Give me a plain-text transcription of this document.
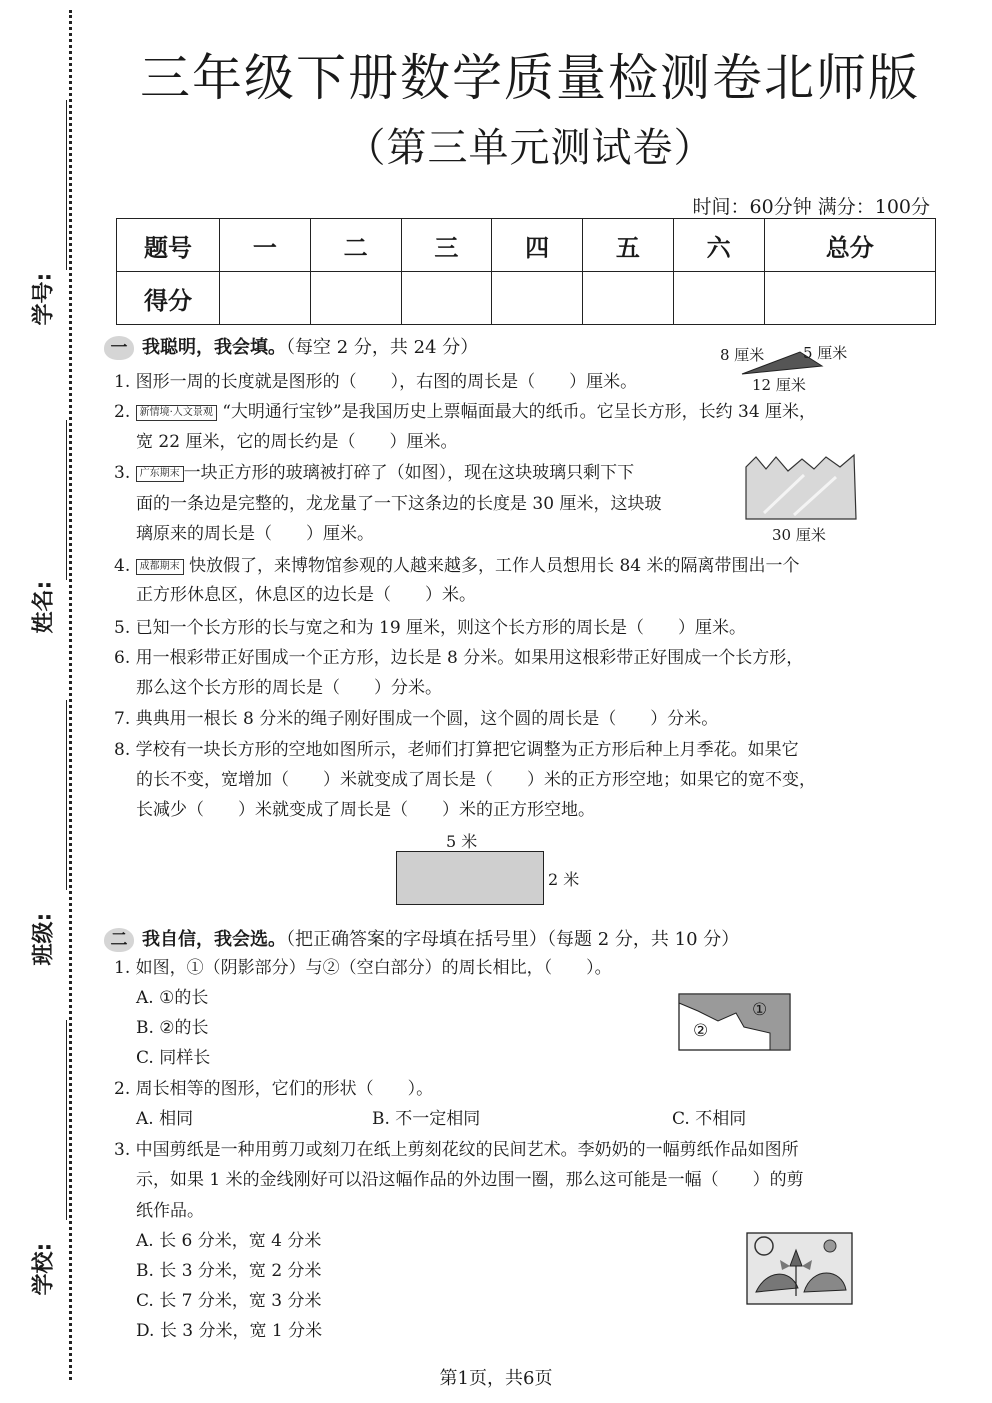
学号:
姓名:
班级:
学校:
三年级下册数学质量检测卷北师版
（第三单元测试卷）
时间：60分钟 满分：100分
题号	一	二	三	四	五	六	总分
得分							
一 我聪明，我会填。（每空 2 分，共 24 分）	8 厘米	5 厘米
12 厘米
1. 图形一周的长度就是图形的（　　），右图的周长是（　　）厘米。
2. 新情境·人文景观 “大明通行宝钞”是我国历史上票幅面最大的纸币。它呈长方形，长约 34 厘米，
宽 22 厘米，它的周长约是（　　）厘米。
3. 广东期末 一块正方形的玻璃被打碎了（如图），现在这块玻璃只剩下下
面的一条边是完整的，龙龙量了一下这条边的长度是 30 厘米，这块玻
璃原来的周长是（　　）厘米。	30 厘米
4. 成都期末 快放假了，来博物馆参观的人越来越多，工作人员想用长 84 米的隔离带围出一个
正方形休息区，休息区的边长是（　　）米。
5. 已知一个长方形的长与宽之和为 19 厘米，则这个长方形的周长是（　　）厘米。
6. 用一根彩带正好围成一个正方形，边长是 8 分米。如果用这根彩带正好围成一个长方形，
那么这个长方形的周长是（　　）分米。
7. 典典用一根长 8 分米的绳子刚好围成一个圆，这个圆的周长是（　　）分米。
8. 学校有一块长方形的空地如图所示，老师们打算把它调整为正方形后种上月季花。如果它
的长不变，宽增加（　　）米就变成了周长是（　　）米的正方形空地；如果它的宽不变，
长减少（　　）米就变成了周长是（　　）米的正方形空地。
5 米
2 米
二 我自信，我会选。（把正确答案的字母填在括号里）（每题 2 分，共 10 分）
1. 如图，①（阴影部分）与②（空白部分）的周长相比，（　　）。
A. ①的长
B. ②的长
C. 同样长
①
②
2. 周长相等的图形，它们的形状（　　）。
A. 相同	B. 不一定相同	C. 不相同
3. 中国剪纸是一种用剪刀或刻刀在纸上剪刻花纹的民间艺术。李奶奶的一幅剪纸作品如图所
示，如果 1 米的金线刚好可以沿这幅作品的外边围一圈，那么这可能是一幅（　　）的剪
纸作品。
A. 长 6 分米，宽 4 分米
B. 长 3 分米，宽 2 分米
C. 长 7 分米，宽 3 分米
D. 长 3 分米，宽 1 分米
第1页，共6页
